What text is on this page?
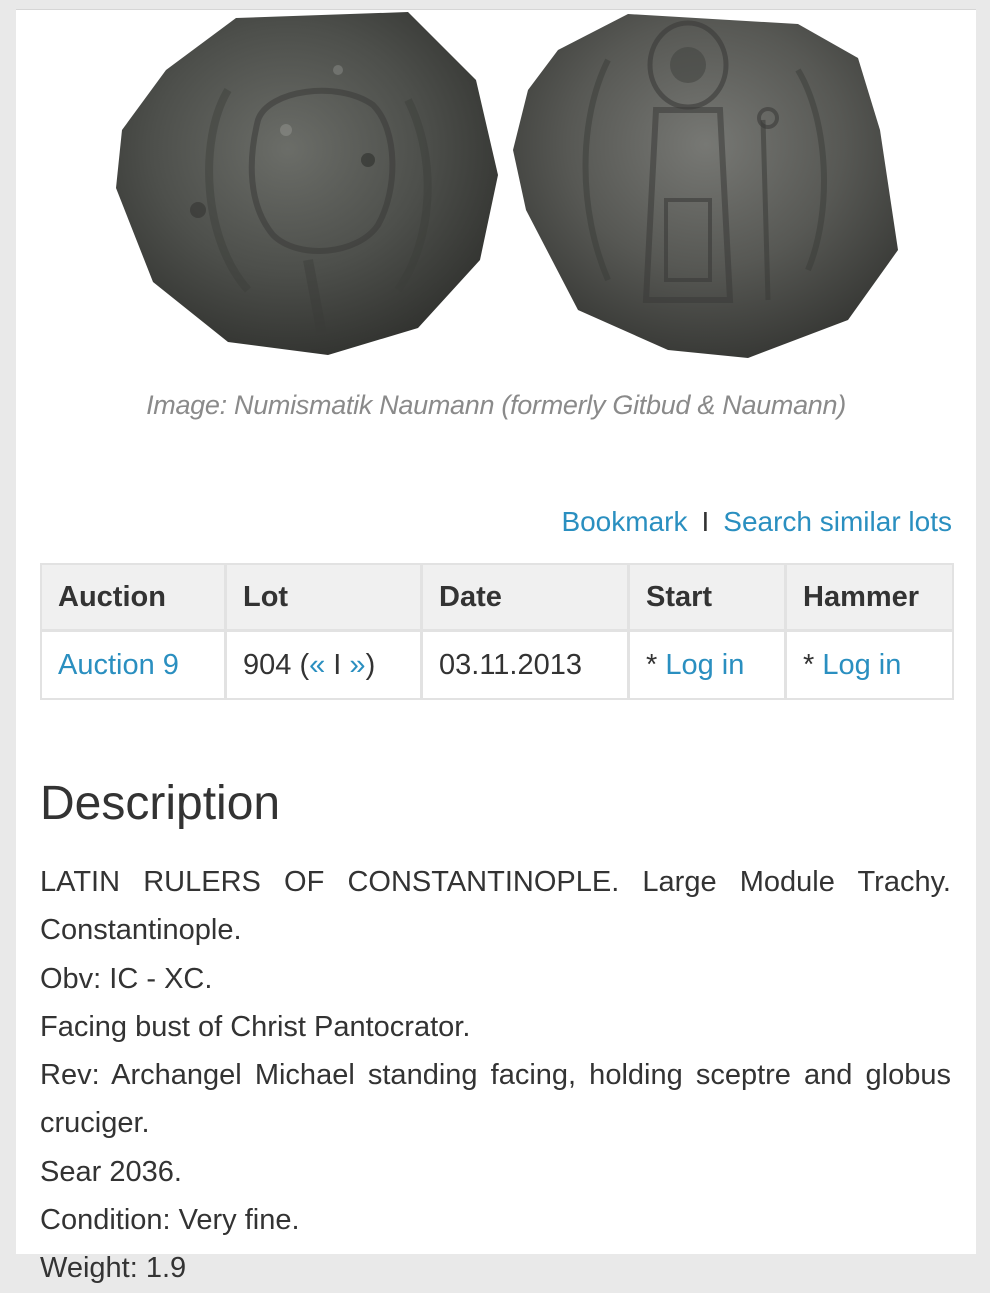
Image: Numismatik Naumann (formerly Gitbud & Naumann)
Bookmark I Search similar lots
Auction	Lot	Date	Start	Hammer
Auction 9	904 (« I »)	03.11.2013	* Log in	* Log in
Description

LATIN RULERS OF CONSTANTINOPLE. Large Module Trachy. Constantinople.

Obv: IC - XC.

Facing bust of Christ Pantocrator.

Rev: Archangel Michael standing facing, holding sceptre and globus cruciger.

Sear 2036.

Condition: Very fine.

Weight: 1.9
